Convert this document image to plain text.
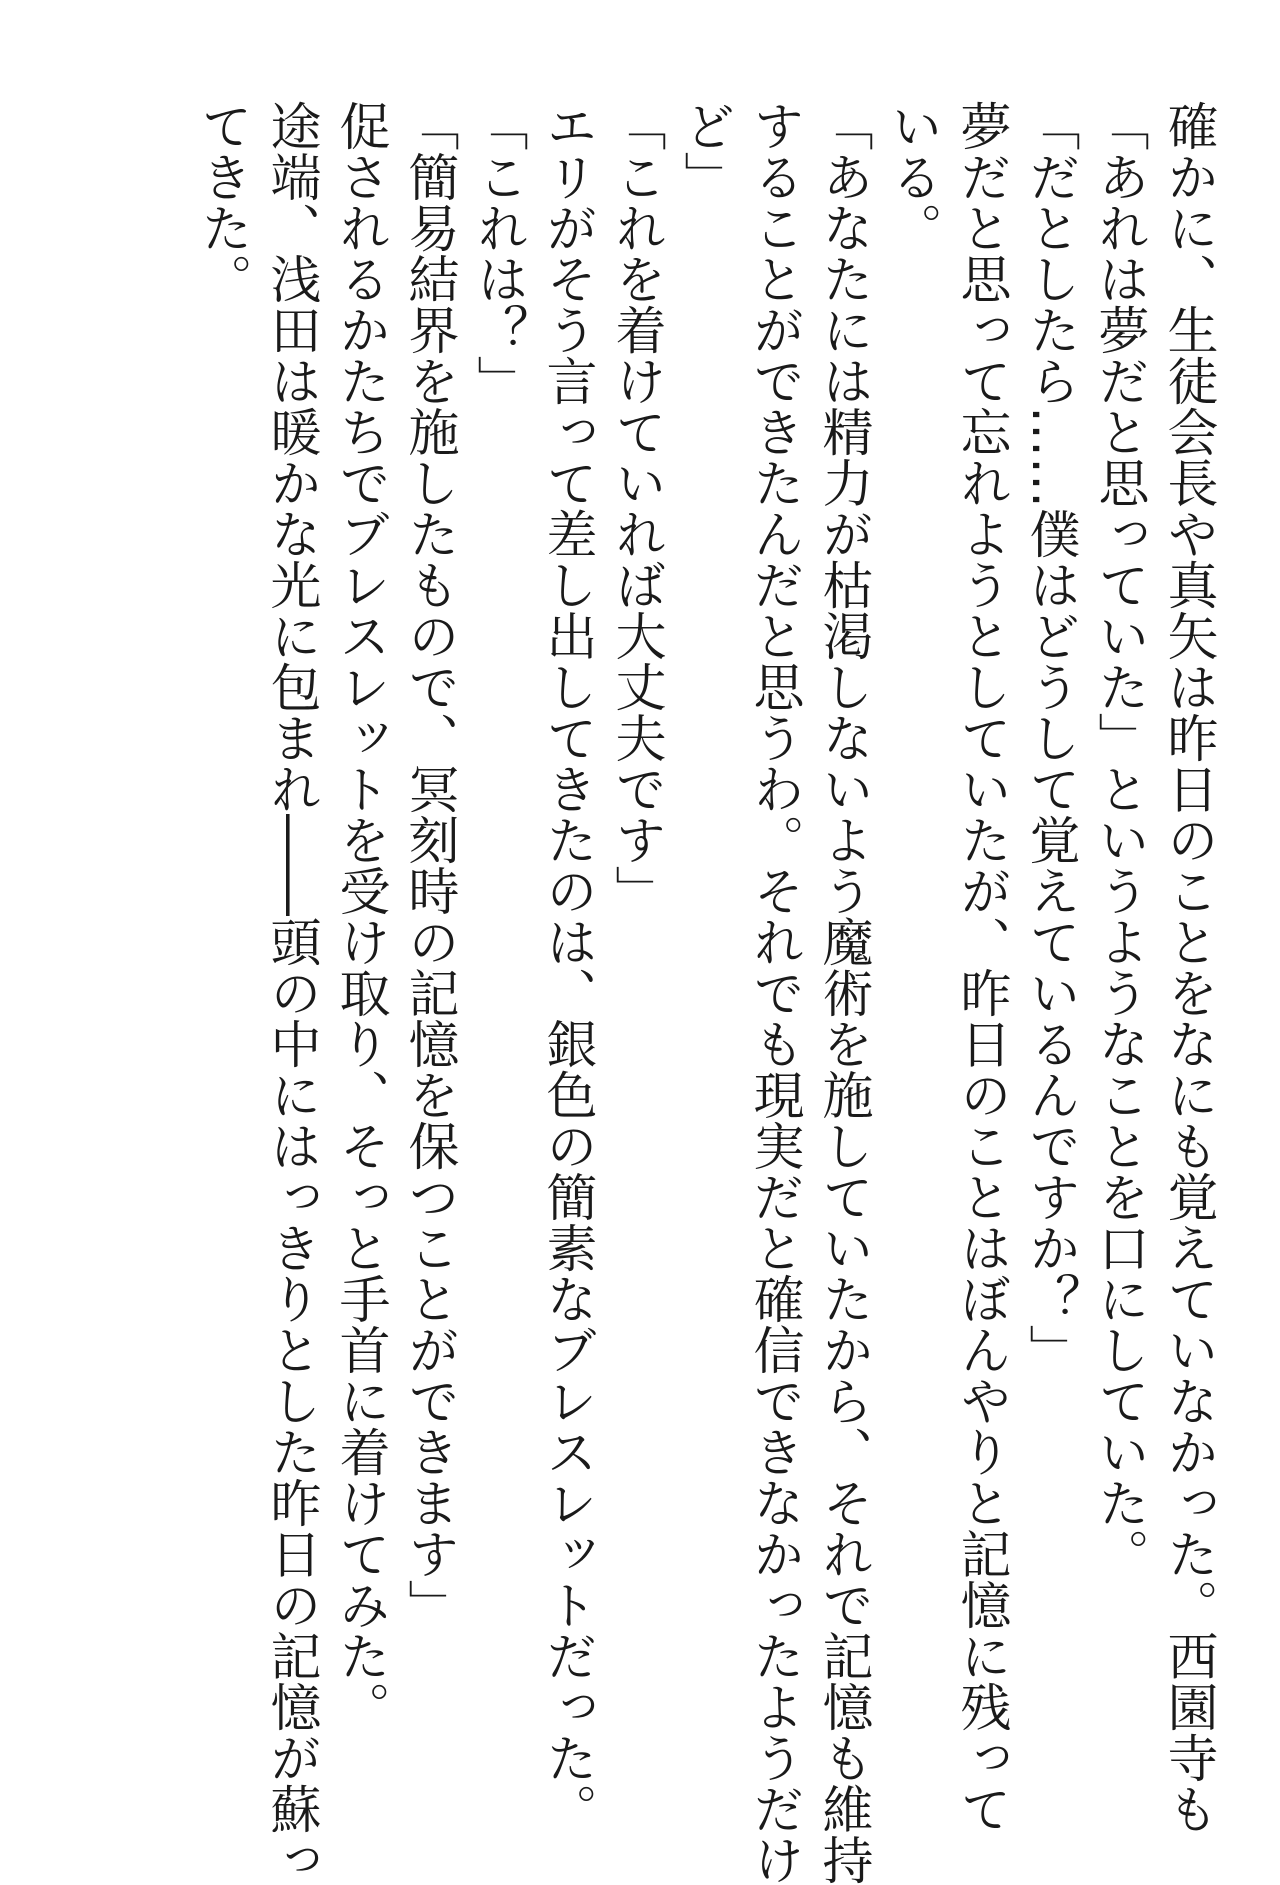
確かに、生徒会長や真矢は昨日のことをなにも覚えていなかった。西園寺も
「あれは夢だと思っていた」というようなことを口にしていた。
「だとしたら……僕はどうして覚えているんですか？」
夢だと思って忘れようとしていたが、昨日のことはぼんやりと記憶に残って
いる。
「あなたには精力が枯渇しないよう魔術を施していたから、それで記憶も維持
することができたんだと思うわ。それでも現実だと確信できなかったようだけ
ど」
「これを着けていれば大丈夫です」
エリがそう言って差し出してきたのは、銀色の簡素なブレスレットだった。
「これは？」
「簡易結界を施したもので、冥刻時の記憶を保つことができます」
促されるかたちでブレスレットを受け取り、そっと手首に着けてみた。
途端、浅田は暖かな光に包まれ――頭の中にはっきりとした昨日の記憶が蘇っ
てきた。
